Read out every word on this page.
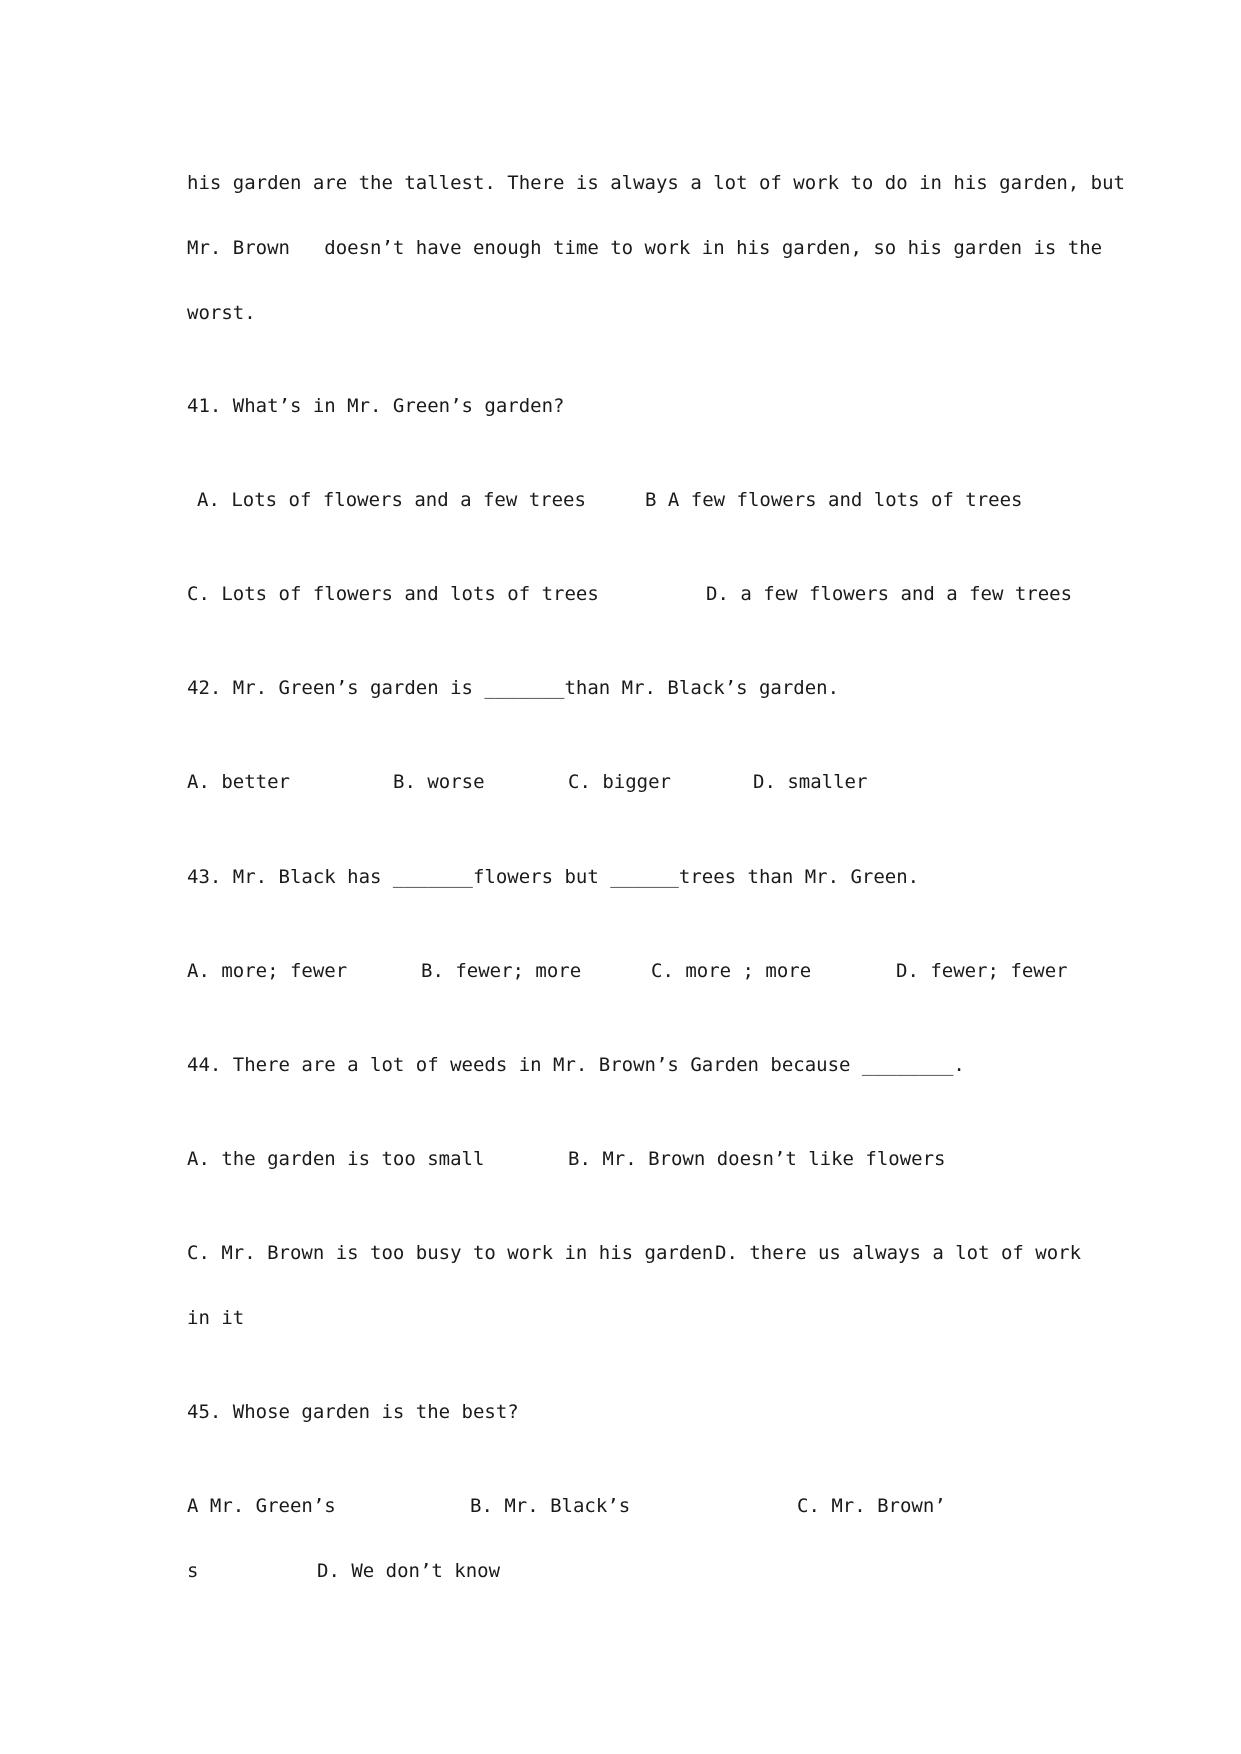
his garden are the tallest. There is always a lot of work to do in his garden, but
Mr. Brown   doesn’t have enough time to work in his garden, so his garden is the
worst.
41. What’s in Mr. Green’s garden?
A. Lots of flowers and a few trees	B A few flowers and lots of trees
C. Lots of flowers and lots of trees	D. a few flowers and a few trees
42. Mr. Green’s garden is _______than Mr. Black’s garden.
A. better	B. worse	C. bigger	D. smaller
43. Mr. Black has _______flowers but ______trees than Mr. Green.
A. more; fewer	B. fewer; more	C. more ; more	D. fewer; fewer
44. There are a lot of weeds in Mr. Brown’s Garden because ________.
A. the garden is too small	B. Mr. Brown doesn’t like flowers
C. Mr. Brown is too busy to work in his garden D. there us always a lot of work
in it
45. Whose garden is the best?
A Mr. Green’s	B. Mr. Black’s	C. Mr. Brown’
s	D. We don’t know
